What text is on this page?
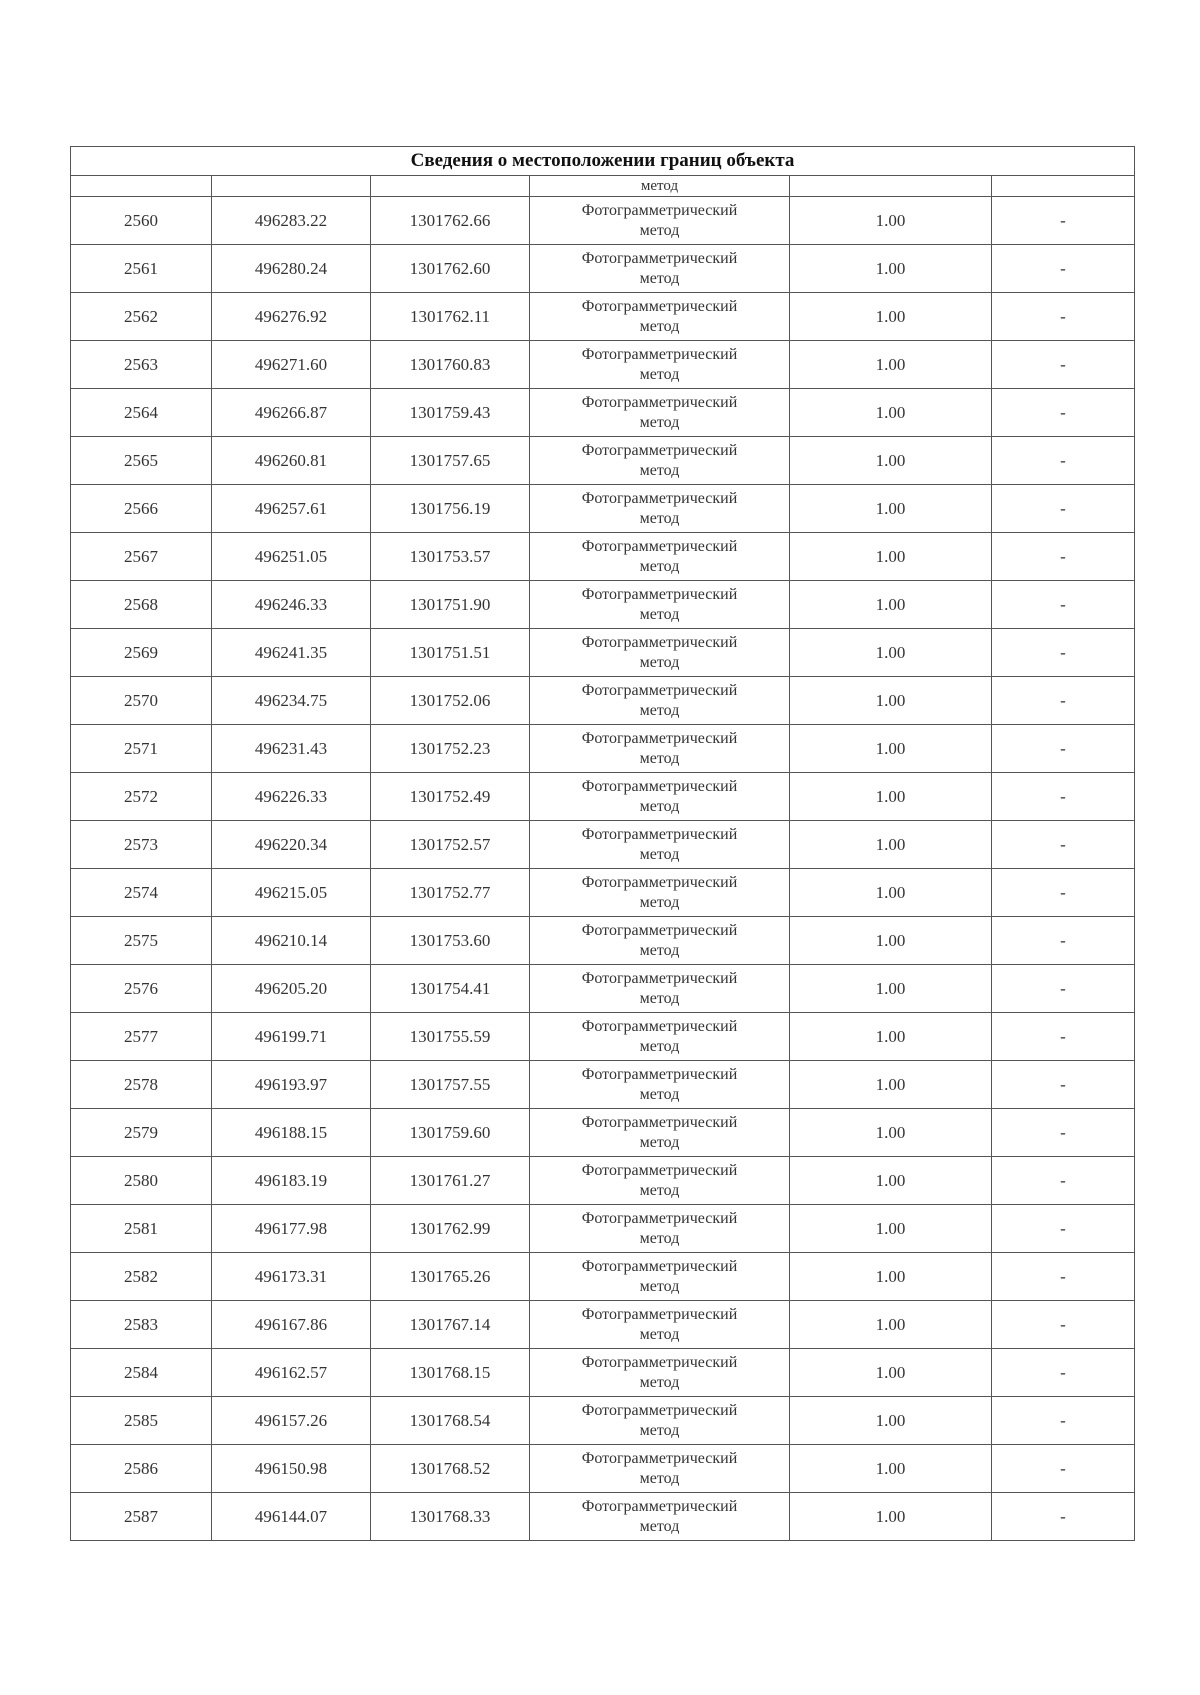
Сведения о местоположении границ объекта					
			метод		
2560	496283.22	1301762.66	Фотограмметрический
метод	1.00	-
2561	496280.24	1301762.60	Фотограмметрический
метод	1.00	-
2562	496276.92	1301762.11	Фотограмметрический
метод	1.00	-
2563	496271.60	1301760.83	Фотограмметрический
метод	1.00	-
2564	496266.87	1301759.43	Фотограмметрический
метод	1.00	-
2565	496260.81	1301757.65	Фотограмметрический
метод	1.00	-
2566	496257.61	1301756.19	Фотограмметрический
метод	1.00	-
2567	496251.05	1301753.57	Фотограмметрический
метод	1.00	-
2568	496246.33	1301751.90	Фотограмметрический
метод	1.00	-
2569	496241.35	1301751.51	Фотограмметрический
метод	1.00	-
2570	496234.75	1301752.06	Фотограмметрический
метод	1.00	-
2571	496231.43	1301752.23	Фотограмметрический
метод	1.00	-
2572	496226.33	1301752.49	Фотограмметрический
метод	1.00	-
2573	496220.34	1301752.57	Фотограмметрический
метод	1.00	-
2574	496215.05	1301752.77	Фотограмметрический
метод	1.00	-
2575	496210.14	1301753.60	Фотограмметрический
метод	1.00	-
2576	496205.20	1301754.41	Фотограмметрический
метод	1.00	-
2577	496199.71	1301755.59	Фотограмметрический
метод	1.00	-
2578	496193.97	1301757.55	Фотограмметрический
метод	1.00	-
2579	496188.15	1301759.60	Фотограмметрический
метод	1.00	-
2580	496183.19	1301761.27	Фотограмметрический
метод	1.00	-
2581	496177.98	1301762.99	Фотограмметрический
метод	1.00	-
2582	496173.31	1301765.26	Фотограмметрический
метод	1.00	-
2583	496167.86	1301767.14	Фотограмметрический
метод	1.00	-
2584	496162.57	1301768.15	Фотограмметрический
метод	1.00	-
2585	496157.26	1301768.54	Фотограмметрический
метод	1.00	-
2586	496150.98	1301768.52	Фотограмметрический
метод	1.00	-
2587	496144.07	1301768.33	Фотограмметрический
метод	1.00	-
